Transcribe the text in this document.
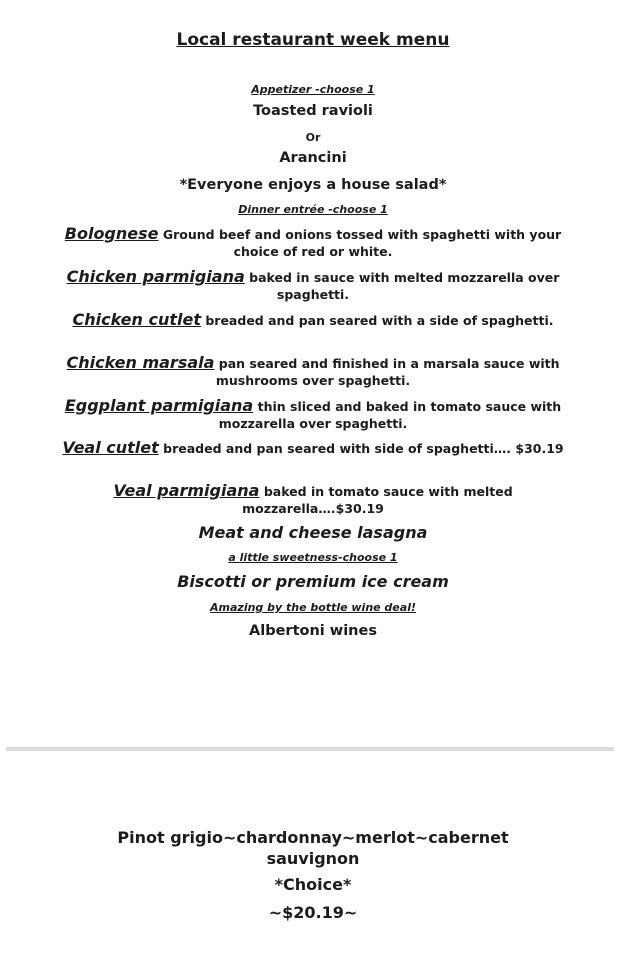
Local restaurant week menu
Appetizer -choose 1
Toasted ravioli
Or
Arancini
*Everyone enjoys a house salad*
Dinner entrée -choose 1
Bolognese Ground beef and onions tossed with spaghetti with your choice of red or white.
Chicken parmigiana baked in sauce with melted mozzarella over spaghetti.
Chicken cutlet breaded and pan seared with a side of spaghetti.
Chicken marsala pan seared and finished in a marsala sauce with mushrooms over spaghetti.
Eggplant parmigiana thin sliced and baked in tomato sauce with mozzarella over spaghetti.
Veal cutlet breaded and pan seared with side of spaghetti…. $30.19
Veal parmigiana baked in tomato sauce with melted mozzarella….$30.19
Meat and cheese lasagna
a little sweetness-choose 1
Biscotti or premium ice cream
Amazing by the bottle wine deal!
Albertoni wines
Pinot grigio~chardonnay~merlot~cabernet sauvignon
*Choice*
~$20.19~
